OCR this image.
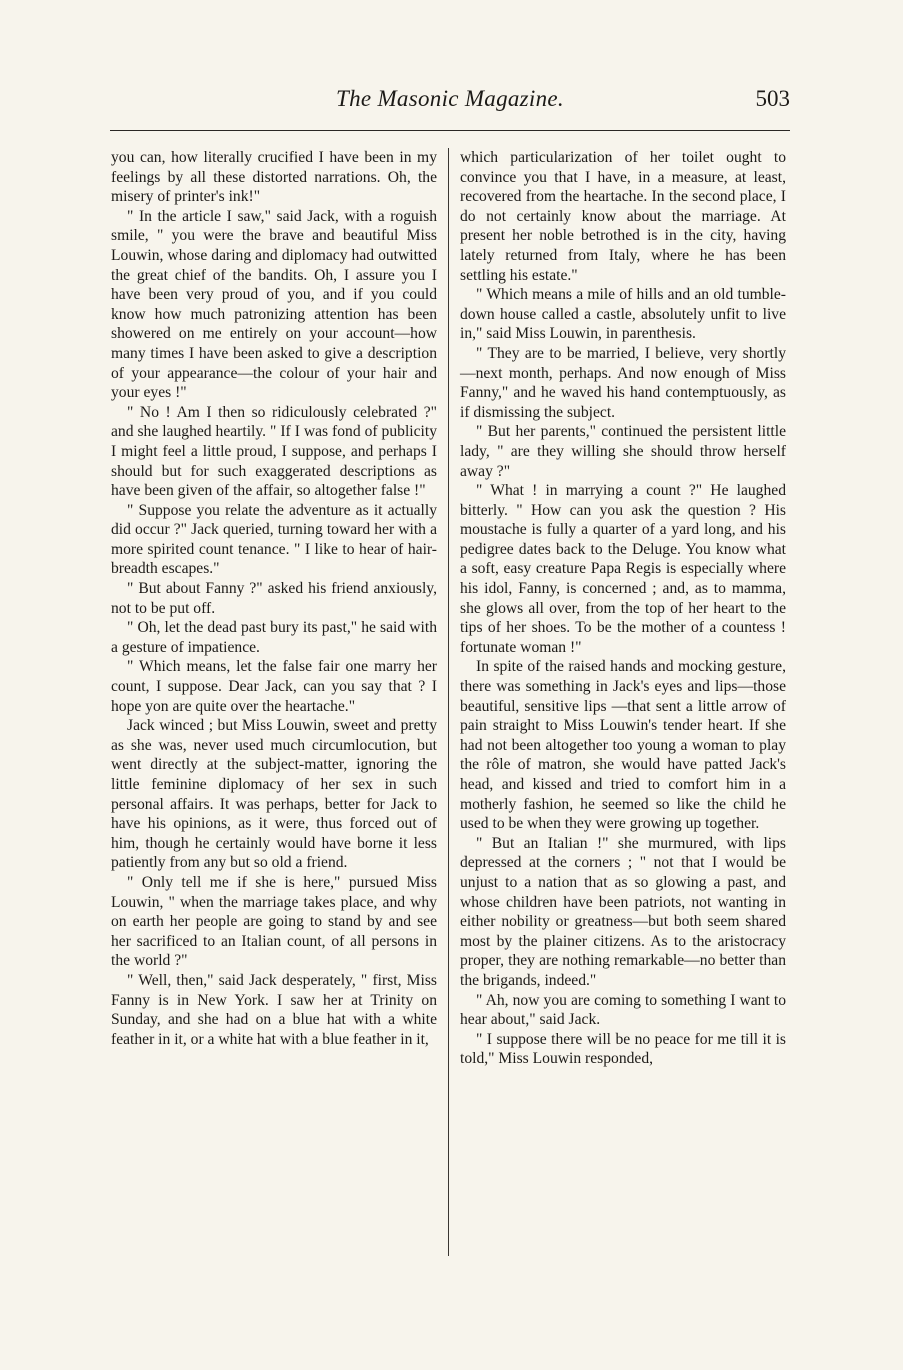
The Masonic Magazine.	503

you can, how literally crucified I have been in my feelings by all these distorted narrations. Oh, the misery of printer's ink!"

" In the article I saw," said Jack, with a roguish smile, " you were the brave and beautiful Miss Louwin, whose daring and diplomacy had outwitted the great chief of the bandits. Oh, I assure you I have been very proud of you, and if you could know how much patronizing attention has been showered on me entirely on your account—how many times I have been asked to give a description of your appearance—the colour of your hair and your eyes !"

" No ! Am I then so ridiculously celebrated ?" and she laughed heartily. " If I was fond of publicity I might feel a little proud, I suppose, and perhaps I should but for such exaggerated descriptions as have been given of the affair, so altogether false !"

" Suppose you relate the adventure as it actually did occur ?" Jack queried, turning toward her with a more spirited count tenance. " I like to hear of hair-breadth escapes."

" But about Fanny ?" asked his friend anxiously, not to be put off.

" Oh, let the dead past bury its past," he said with a gesture of impatience.

" Which means, let the false fair one marry her count, I suppose. Dear Jack, can you say that ? I hope yon are quite over the heartache."

Jack winced ; but Miss Louwin, sweet and pretty as she was, never used much circumlocution, but went directly at the subject-matter, ignoring the little feminine diplomacy of her sex in such personal affairs. It was perhaps, better for Jack to have his opinions, as it were, thus forced out of him, though he certainly would have borne it less patiently from any but so old a friend.

" Only tell me if she is here," pursued Miss Louwin, " when the marriage takes place, and why on earth her people are going to stand by and see her sacrificed to an Italian count, of all persons in the world ?"

" Well, then," said Jack desperately, " first, Miss Fanny is in New York. I saw her at Trinity on Sunday, and she had on a blue hat with a white feather in it, or a white hat with a blue feather in it,

which particularization of her toilet ought to convince you that I have, in a measure, at least, recovered from the heartache. In the second place, I do not certainly know about the marriage. At present her noble betrothed is in the city, having lately returned from Italy, where he has been settling his estate."

" Which means a mile of hills and an old tumble-down house called a castle, absolutely unfit to live in," said Miss Louwin, in parenthesis.

" They are to be married, I believe, very shortly—next month, perhaps. And now enough of Miss Fanny," and he waved his hand contemptuously, as if dismissing the subject.

" But her parents," continued the persistent little lady, " are they willing she should throw herself away ?"

" What ! in marrying a count ?" He laughed bitterly. " How can you ask the question ? His moustache is fully a quarter of a yard long, and his pedigree dates back to the Deluge. You know what a soft, easy creature Papa Regis is especially where his idol, Fanny, is concerned ; and, as to mamma, she glows all over, from the top of her heart to the tips of her shoes. To be the mother of a countess ! fortunate woman !"

In spite of the raised hands and mocking gesture, there was something in Jack's eyes and lips—those beautiful, sensitive lips —that sent a little arrow of pain straight to Miss Louwin's tender heart. If she had not been altogether too young a woman to play the rôle of matron, she would have patted Jack's head, and kissed and tried to comfort him in a motherly fashion, he seemed so like the child he used to be when they were growing up together.

" But an Italian !" she murmured, with lips depressed at the corners ; " not that I would be unjust to a nation that as so glowing a past, and whose children have been patriots, not wanting in either nobility or greatness—but both seem shared most by the plainer citizens. As to the aristocracy proper, they are nothing remarkable—no better than the brigands, indeed."

" Ah, now you are coming to something I want to hear about," said Jack.

" I suppose there will be no peace for me till it is told," Miss Louwin responded,
